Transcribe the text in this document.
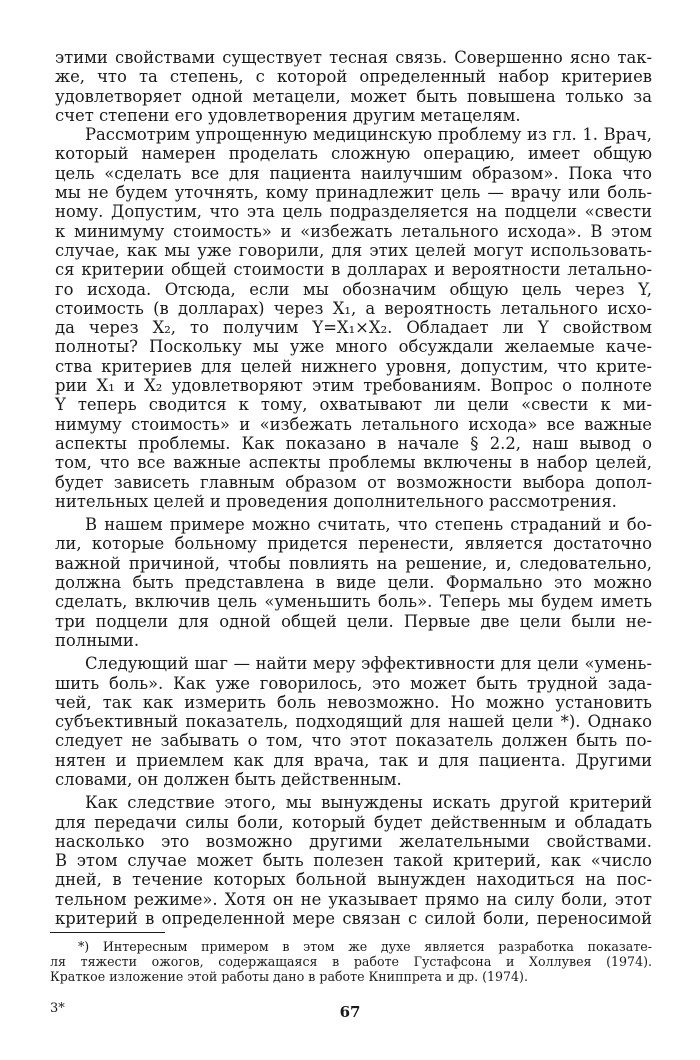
этими свойствами существует тесная связь. Совершенно ясно так-
же, что та степень, с которой определенный набор критериев
удовлетворяет одной метацели, может быть повышена только за
счет степени его удовлетворения другим метацелям.
Рассмотрим упрощенную медицинскую проблему из гл. 1. Врач,
который намерен проделать сложную операцию, имеет общую
цель «сделать все для пациента наилучшим образом». Пока что
мы не будем уточнять, кому принадлежит цель — врачу или боль-
ному. Допустим, что эта цель подразделяется на подцели «свести
к минимуму стоимость» и «избежать летального исхода». В этом
случае, как мы уже говорили, для этих целей могут использовать-
ся критерии общей стоимости в долларах и вероятности летально-
го исхода. Отсюда, если мы обозначим общую цель через Y,
стоимость (в долларах) через X₁, а вероятность летального исхо-
да через X₂, то получим Y=X₁×X₂. Обладает ли Y свойством
полноты? Поскольку мы уже много обсуждали желаемые каче-
ства критериев для целей нижнего уровня, допустим, что крите-
рии X₁ и X₂ удовлетворяют этим требованиям. Вопрос о полноте
Y теперь сводится к тому, охватывают ли цели «свести к ми-
нимуму стоимость» и «избежать летального исхода» все важные
аспекты проблемы. Как показано в начале § 2.2, наш вывод о
том, что все важные аспекты проблемы включены в набор целей,
будет зависеть главным образом от возможности выбора допол-
нительных целей и проведения дополнительного рассмотрения.
В нашем примере можно считать, что степень страданий и бо-
ли, которые больному придется перенести, является достаточно
важной причиной, чтобы повлиять на решение, и, следовательно,
должна быть представлена в виде цели. Формально это можно
сделать, включив цель «уменьшить боль». Теперь мы будем иметь
три подцели для одной общей цели. Первые две цели были не-
полными.
Следующий шаг — найти меру эффективности для цели «умень-
шить боль». Как уже говорилось, это может быть трудной зада-
чей, так как измерить боль невозможно. Но можно установить
субъективный показатель, подходящий для нашей цели *). Однако
следует не забывать о том, что этот показатель должен быть по-
нятен и приемлем как для врача, так и для пациента. Другими
словами, он должен быть действенным.
Как следствие этого, мы вынуждены искать другой критерий
для передачи силы боли, который будет действенным и обладать
насколько это возможно другими желательными свойствами.
В этом случае может быть полезен такой критерий, как «число
дней, в течение которых больной вынужден находиться на пос-
тельном режиме». Хотя он не указывает прямо на силу боли, этот
критерий в определенной мере связан с силой боли, переносимой
*) Интересным примером в этом же духе является разработка показате-
ля тяжести ожогов, содержащаяся в работе Густафсона и Холлувея (1974).
Краткое изложение этой работы дано в работе Книппрета и др. (1974).
3*	67
